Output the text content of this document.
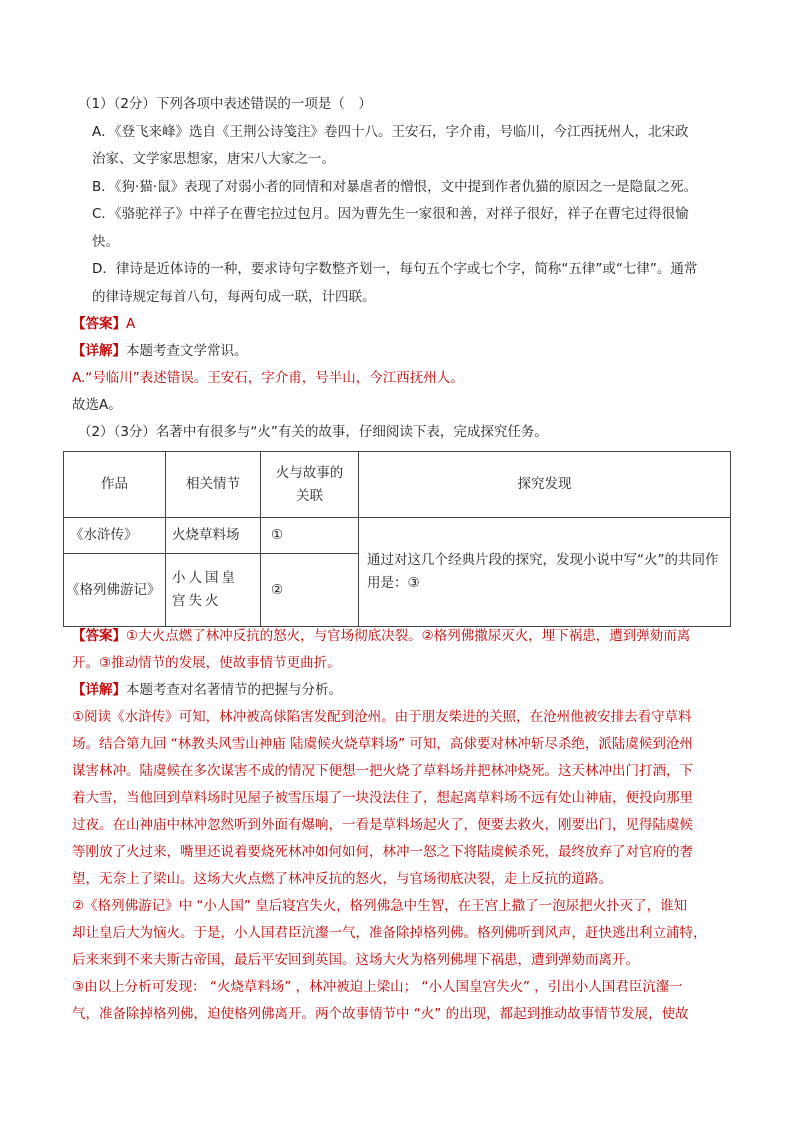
（1）（2分）下列各项中表述错误的一项是（　）
A．《登飞来峰》选自《王荆公诗笺注》卷四十八。王安石，字介甫，号临川，今江西抚州人，北宋政
治家、文学家思想家，唐宋八大家之一。
B．《狗·猫·鼠》表现了对弱小者的同情和对暴虐者的憎恨，文中提到作者仇猫的原因之一是隐鼠之死。
C．《骆驼祥子》中祥子在曹宅拉过包月。因为曹先生一家很和善，对祥子很好，祥子在曹宅过得很愉
快。
D．律诗是近体诗的一种，要求诗句字数整齐划一，每句五个字或七个字，简称“五律”或“七律”。通常
的律诗规定每首八句，每两句成一联，计四联。
【答案】A
【详解】本题考查文学常识。
A.“号临川”表述错误。王安石，字介甫，号半山，今江西抚州人。
故选A。
（2）（3分）名著中有很多与“火”有关的故事，仔细阅读下表，完成探究任务。
作品	相关情节	火与故事的关联	探究发现
《水浒传》	火烧草料场	①	通过对这几个经典片段的探究，发现小说中写“火”的共同作用是：③
《格列佛游记》	小人国皇宫失火	②	
【答案】①大火点燃了林冲反抗的怒火，与官场彻底决裂。②格列佛撒尿灭火，埋下祸患，遭到弹劾而离
开。③推动情节的发展，使故事情节更曲折。
【详解】本题考查对名著情节的把握与分析。
①阅读《水浒传》可知，林冲被高俅陷害发配到沧州。由于朋友柴进的关照，在沧州他被安排去看守草料
场。结合第九回 “林教头风雪山神庙 陆虞候火烧草料场” 可知，高俅要对林冲斩尽杀绝，派陆虞候到沧州
谋害林冲。陆虞候在多次谋害不成的情况下便想一把火烧了草料场并把林冲烧死。这天林冲出门打酒，下
着大雪，当他回到草料场时见屋子被雪压塌了一块没法住了，想起离草料场不远有处山神庙，便投向那里
过夜。在山神庙中林冲忽然听到外面有爆响，一看是草料场起火了，便要去救火，刚要出门，见得陆虞候
等刚放了火过来，嘴里还说着要烧死林冲如何如何，林冲一怒之下将陆虞候杀死，最终放弃了对官府的奢
望，无奈上了梁山。这场大火点燃了林冲反抗的怒火，与官场彻底决裂，走上反抗的道路。
②《格列佛游记》中 “小人国” 皇后寝宫失火，格列佛急中生智，在王宫上撒了一泡尿把火扑灭了，谁知
却让皇后大为恼火。于是，小人国君臣沆瀣一气，准备除掉格列佛。格列佛听到风声，赶快逃出利立浦特，
后来来到不来夫斯古帝国，最后平安回到英国。这场大火为格列佛埋下祸患，遭到弹劾而离开。
③由以上分析可发现： “火烧草料场” ，林冲被迫上梁山； “小人国皇宫失火” ，引出小人国君臣沆瀣一
气，准备除掉格列佛，迫使格列佛离开。两个故事情节中 “火” 的出现，都起到推动故事情节发展，使故
